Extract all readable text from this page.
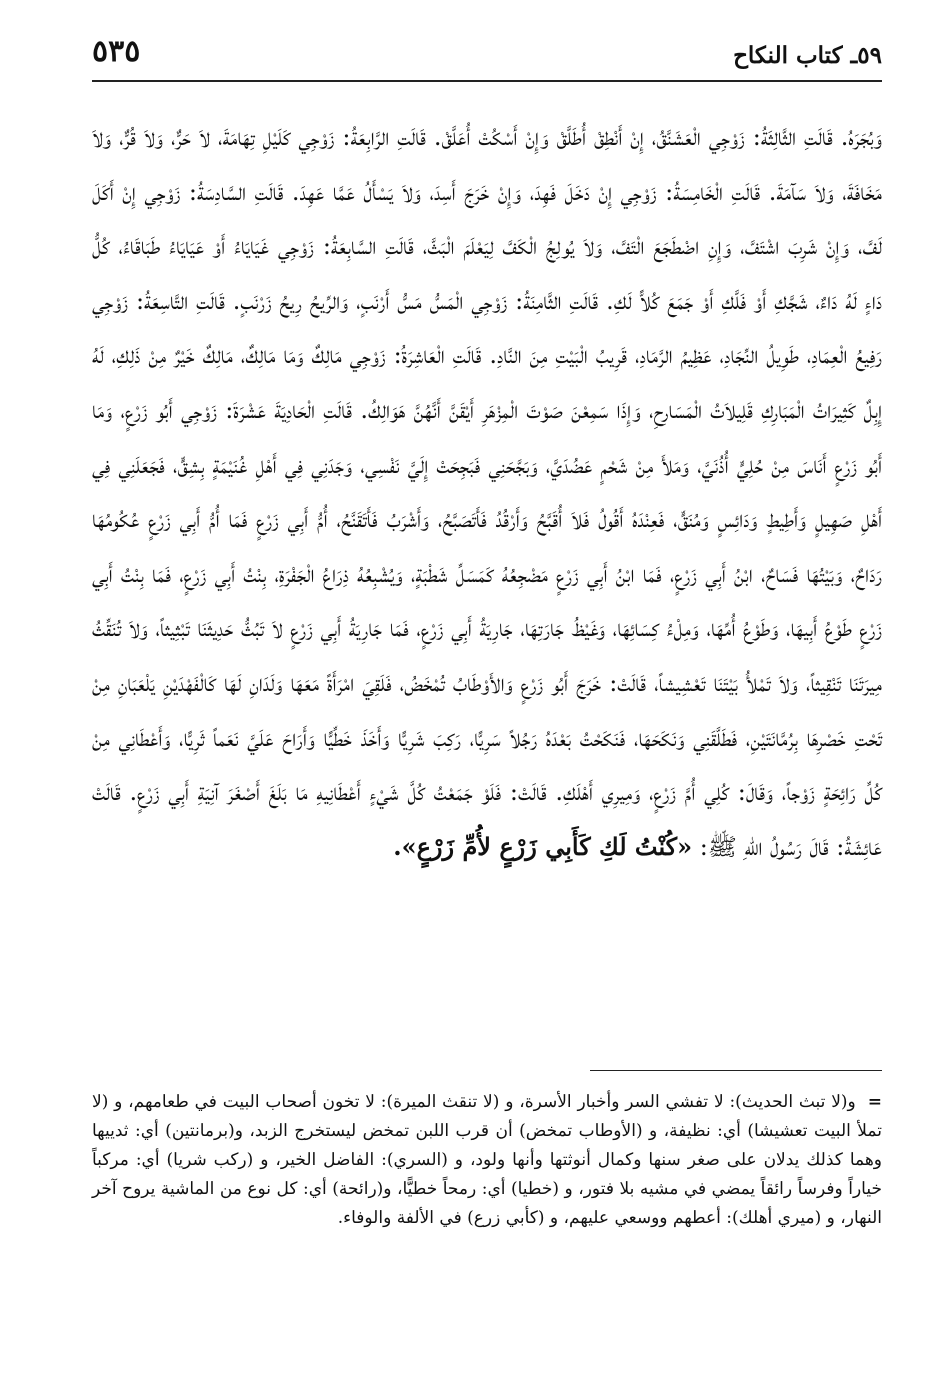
٥٩ـ كتاب النكاح
٥٣٥

وَبُجَرَهُ. قَالَتِ الثَّالِثَةُ: زَوْجِي الْعَشَنَّقُ، إِنْ أَنْطِقْ أُطَلَّقْ وَإِنْ أَسْكُتْ أُعَلَّقْ. قَالَتِ الرَّابِعَةُ: زَوْجِي كَلَيْلِ تِهَامَةَ، لاَ حَرٌّ، وَلاَ قُرٌّ، وَلاَ مَخَافَةَ، وَلاَ سَآمَةَ. قَالَتِ الْخَامِسَةُ: زَوْجِي إِنْ دَخَلَ فَهِدَ، وَإِنْ خَرَجَ أَسِدَ، وَلاَ يَسْأَلُ عَمَّا عَهِدَ. قَالَتِ السَّادِسَةُ: زَوْجِي إِنْ أَكَلَ لَفَّ، وَإِنْ شَرِبَ اشْتَفَّ، وَإِنِ اضْطَجَعَ الْتَفَّ، وَلاَ يُولِجُ الْكَفَّ لِيَعْلَمَ الْبَثَّ، قَالَتِ السَّابِعَةُ: زَوْجِي غَيَايَاءُ أَوْ عَيَايَاءُ طَبَاقَاءُ، كُلُّ دَاءٍ لَهُ دَاءٌ، شَجَّكِ أَوْ فَلَّكِ أَوْ جَمَعَ كُلاًّ لَكِ. قَالَتِ الثَّامِنَةُ: زَوْجِي الْمَسُّ مَسُّ أَرْنَبٍ، وَالرِّيحُ رِيحُ زَرْنَبٍ. قَالَتِ التَّاسِعَةُ: زَوْجِي رَفِيعُ الْعِمَادِ، طَوِيلُ النِّجَادِ، عَظِيمُ الرَّمَادِ، قَرِيبُ الْبَيْتِ مِنَ النَّادِ. قَالَتِ الْعَاشِرَةُ: زَوْجِي مَالِكٌ وَمَا مَالِكٌ، مَالِكٌ خَيْرٌ مِنْ ذَلِكِ، لَهُ إِبِلٌ كَثِيرَاتُ الْمَبَارِكِ قَلِيلاَتُ الْمَسَارِحِ، وَإِذَا سَمِعْنَ صَوْتَ الْمِزْهَرِ أَيْقَنَّ أَنَّهُنَّ هَوَالِكُ. قَالَتِ الْحَادِيَةَ عَشْرَةَ: زَوْجِي أَبُو زَرْعٍ، وَمَا أَبُو زَرْعٍ أَنَاسَ مِنْ حُلِيٍّ أُذُنَيَّ، وَمَلأَ مِنْ شَحْمٍ عَضُدَيَّ، وَبَجَّحَنِي فَبَجِحَتْ إِلَيَّ نَفْسِي، وَجَدَنِي فِي أَهْلِ غُنَيْمَةٍ بِشِقٍّ، فَجَعَلَنِي فِي أَهْلِ صَهِيلٍ وَأَطِيطٍ وَدَائِسٍ وَمُنَقٍّ، فَعِنْدَهُ أَقُولُ فَلاَ أُقَبَّحُ وَأَرْقُدُ فَأَتَصَبَّحُ، وَأَشْرَبُ فَأَتَقَنَّحُ، أُمُّ أَبِي زَرْعٍ فَمَا أُمُّ أَبِي زَرْعٍ عُكُومُهَا رَدَاحٌ، وَبَيْتُهَا فَسَاحٌ، ابْنُ أَبِي زَرْعٍ، فَمَا ابْنُ أَبِي زَرْعٍ مَضْجِعُهُ كَمَسَلِّ شَطْبَةٍ، وَيُشْبِعُهُ ذِرَاعُ الْجَفْرَةِ، بِنْتُ أَبِي زَرْعٍ، فَمَا بِنْتُ أَبِي زَرْعٍ طَوْعُ أَبِيهَا، وَطَوْعُ أُمِّهَا، وَمِلْءُ كِسَائِهَا، وَغَيْظُ جَارَتِهَا، جَارِيَةُ أَبِي زَرْعٍ، فَمَا جَارِيَةُ أَبِي زَرْعٍ لاَ تَبُثُّ حَدِيثَنَا تَبْثِيثاً، وَلاَ تُنَقِّثُ مِيرَتَنَا تَنْقِيثاً، وَلاَ تَمْلأُ بَيْتَنَا تَعْشِيشاً، قَالَتْ: خَرَجَ أَبُو زَرْعٍ وَالأَوْطَابُ تُمْخَضُ، فَلَقِيَ امْرَأَةً مَعَهَا وَلَدَانِ لَهَا كَالْفَهْدَيْنِ يَلْعَبَانِ مِنْ تَحْتِ خَصْرِهَا بِرُمَّانَتَيْنِ، فَطَلَّقَنِي وَنَكَحَهَا، فَنَكَحْتُ بَعْدَهُ رَجُلاً سَرِيًّا، رَكِبَ شَرِيًّا وَأَخَذَ خَطِّيًّا وَأَرَاحَ عَلَيَّ نَعَماً ثَرِيًّا، وَأَعْطَانِي مِنْ كُلِّ رَائِحَةٍ زَوْجاً، وَقَالَ: كُلِي أُمَّ زَرْعٍ، وَمِيرِي أَهْلَكِ. قَالَتْ: فَلَوْ جَمَعْتُ كُلَّ شَيْءٍ أَعْطَانِيهِ مَا بَلَغَ أَصْغَرَ آنِيَةِ أَبِي زَرْعٍ. قَالَتْ عَائِشَةُ: قَالَ رَسُولُ اللهِ ﷺ: «كُنْتُ لَكِ كَأَبِي زَرْعٍ لأُمِّ زَرْعٍ».

=و(لا تبث الحديث): لا تفشي السر وأخبار الأسرة، و (لا تنقث الميرة): لا تخون أصحاب البيت في طعامهم، و (لا تملأ البيت تعشيشا) أي: نظيفة، و (الأوطاب تمخض) أن قرب اللبن تمخض ليستخرج الزبد، و(برمانتين) أي: ثدييها وهما كذلك يدلان على صغر سنها وكمال أنوثتها وأنها ولود، و (السري): الفاضل الخير، و (ركب شريا) أي: مركباً خياراً وفرساً رائقاً يمضي في مشيه بلا فتور، و (خطيا) أي: رمحاً خطيًّا، و(رائحة) أي: كل نوع من الماشية يروح آخر النهار، و (ميري أهلك): أعطهم ووسعي عليهم، و (كأبي زرع) في الألفة والوفاء.
